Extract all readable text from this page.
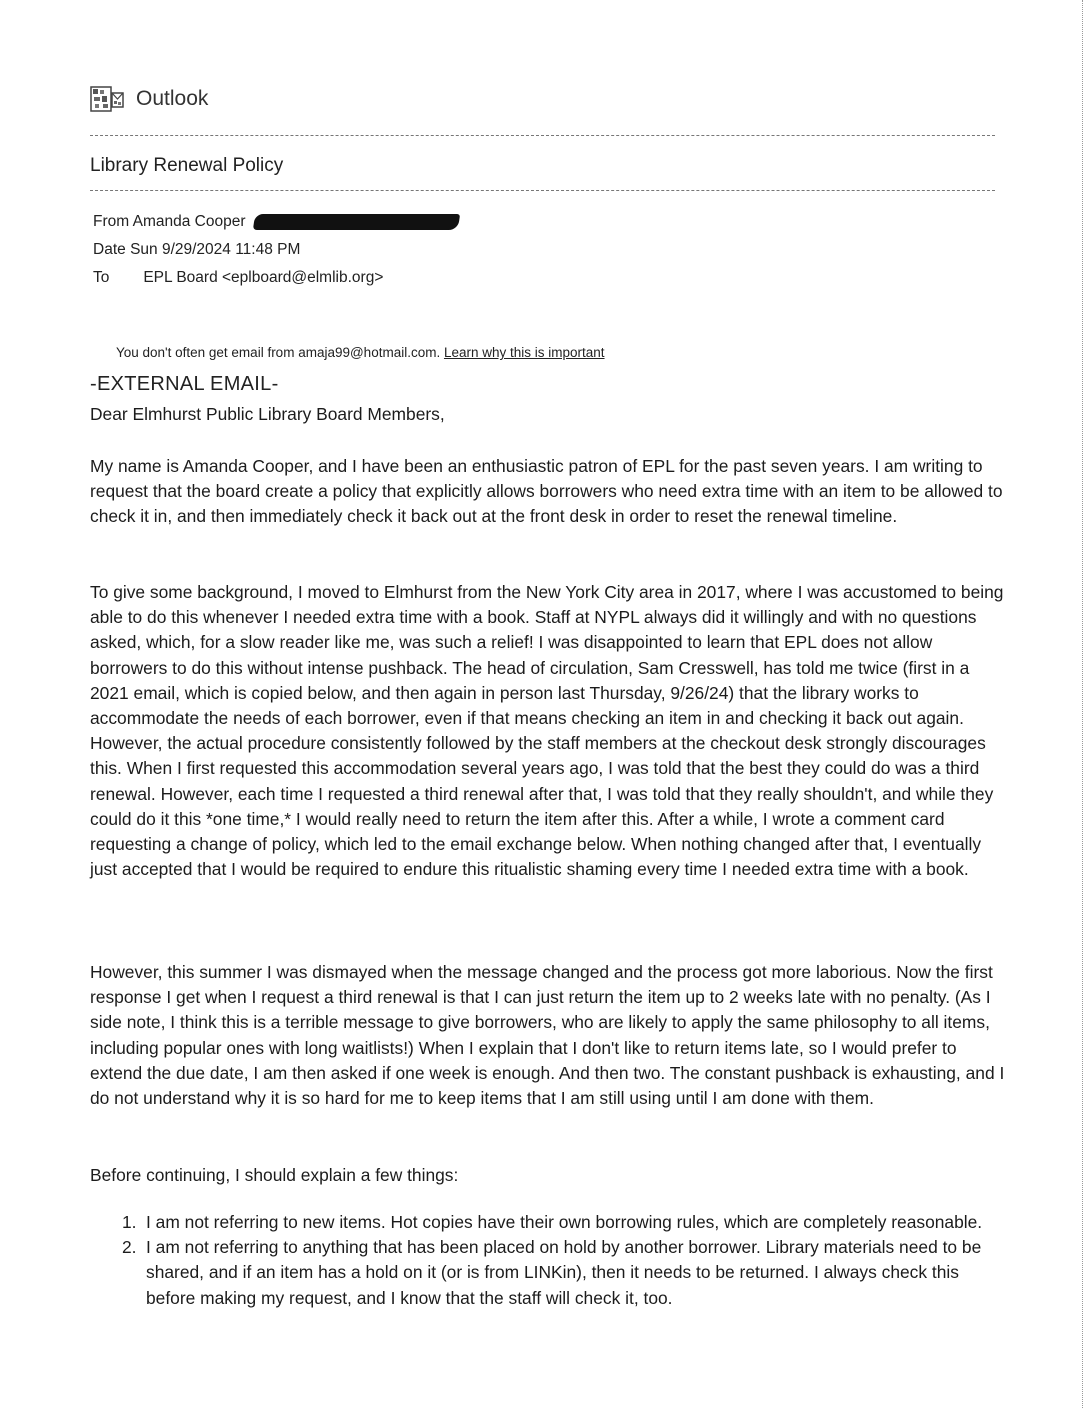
Outlook
Library Renewal Policy
From Amanda Cooper
Date Sun 9/29/2024 11:48 PM
To EPL Board <eplboard@elmlib.org>
You don't often get email from amaja99@hotmail.com. Learn why this is important
-EXTERNAL EMAIL-

Dear Elmhurst Public Library Board Members,

My name is Amanda Cooper, and I have been an enthusiastic patron of EPL for the past seven years. I am writing to request that the board create a policy that explicitly allows borrowers who need extra time with an item to be allowed to check it in, and then immediately check it back out at the front desk in order to reset the renewal timeline.

To give some background, I moved to Elmhurst from the New York City area in 2017, where I was accustomed to being able to do this whenever I needed extra time with a book. Staff at NYPL always did it willingly and with no questions asked, which, for a slow reader like me, was such a relief! I was disappointed to learn that EPL does not allow borrowers to do this without intense pushback. The head of circulation, Sam Cresswell, has told me twice (first in a 2021 email, which is copied below, and then again in person last Thursday, 9/26/24) that the library works to accommodate the needs of each borrower, even if that means checking an item in and checking it back out again. However, the actual procedure consistently followed by the staff members at the checkout desk strongly discourages this. When I first requested this accommodation several years ago, I was told that the best they could do was a third renewal. However, each time I requested a third renewal after that, I was told that they really shouldn't, and while they could do it this *one time,* I would really need to return the item after this. After a while, I wrote a comment card requesting a change of policy, which led to the email exchange below. When nothing changed after that, I eventually just accepted that I would be required to endure this ritualistic shaming every time I needed extra time with a book.

However, this summer I was dismayed when the message changed and the process got more laborious. Now the first response I get when I request a third renewal is that I can just return the item up to 2 weeks late with no penalty. (As I side note, I think this is a terrible message to give borrowers, who are likely to apply the same philosophy to all items, including popular ones with long waitlists!) When I explain that I don't like to return items late, so I would prefer to extend the due date, I am then asked if one week is enough. And then two. The constant pushback is exhausting, and I do not understand why it is so hard for me to keep items that I am still using until I am done with them.

Before continuing, I should explain a few things:

1. I am not referring to new items. Hot copies have their own borrowing rules, which are completely reasonable.
2. I am not referring to anything that has been placed on hold by another borrower. Library materials need to be shared, and if an item has a hold on it (or is from LINKin), then it needs to be returned. I always check this before making my request, and I know that the staff will check it, too.
